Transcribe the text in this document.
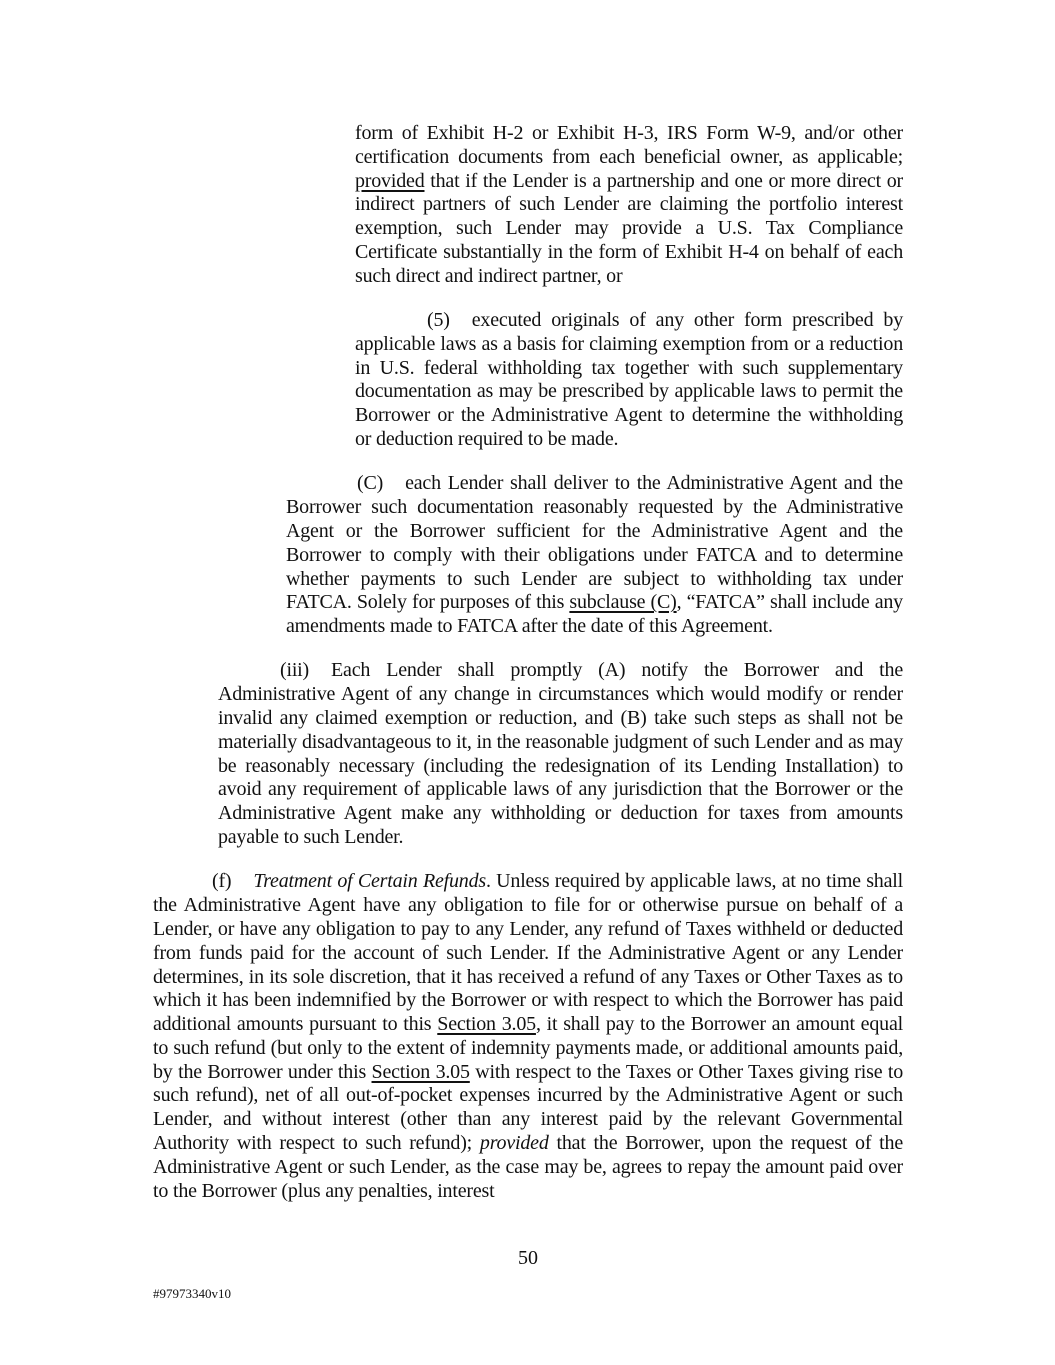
form of Exhibit H-2 or Exhibit H-3, IRS Form W-9, and/or other certification documents from each beneficial owner, as applicable; provided that if the Lender is a partnership and one or more direct or indirect partners of such Lender are claiming the portfolio interest exemption, such Lender may provide a U.S. Tax Compliance Certificate substantially in the form of Exhibit H-4 on behalf of each such direct and indirect partner, or

(5) executed originals of any other form prescribed by applicable laws as a basis for claiming exemption from or a reduction in U.S. federal withholding tax together with such supplementary documentation as may be prescribed by applicable laws to permit the Borrower or the Administrative Agent to determine the withholding or deduction required to be made.

(C) each Lender shall deliver to the Administrative Agent and the Borrower such documentation reasonably requested by the Administrative Agent or the Borrower sufficient for the Administrative Agent and the Borrower to comply with their obligations under FATCA and to determine whether payments to such Lender are subject to withholding tax under FATCA. Solely for purposes of this subclause (C), “FATCA” shall include any amendments made to FATCA after the date of this Agreement.

(iii) Each Lender shall promptly (A) notify the Borrower and the Administrative Agent of any change in circumstances which would modify or render invalid any claimed exemption or reduction, and (B) take such steps as shall not be materially disadvantageous to it, in the reasonable judgment of such Lender and as may be reasonably necessary (including the redesignation of its Lending Installation) to avoid any requirement of applicable laws of any jurisdiction that the Borrower or the Administrative Agent make any withholding or deduction for taxes from amounts payable to such Lender.

(f) Treatment of Certain Refunds. Unless required by applicable laws, at no time shall the Administrative Agent have any obligation to file for or otherwise pursue on behalf of a Lender, or have any obligation to pay to any Lender, any refund of Taxes withheld or deducted from funds paid for the account of such Lender. If the Administrative Agent or any Lender determines, in its sole discretion, that it has received a refund of any Taxes or Other Taxes as to which it has been indemnified by the Borrower or with respect to which the Borrower has paid additional amounts pursuant to this Section 3.05, it shall pay to the Borrower an amount equal to such refund (but only to the extent of indemnity payments made, or additional amounts paid, by the Borrower under this Section 3.05 with respect to the Taxes or Other Taxes giving rise to such refund), net of all out-of-pocket expenses incurred by the Administrative Agent or such Lender, and without interest (other than any interest paid by the relevant Governmental Authority with respect to such refund); provided that the Borrower, upon the request of the Administrative Agent or such Lender, as the case may be, agrees to repay the amount paid over to the Borrower (plus any penalties, interest

50
#97973340v10
